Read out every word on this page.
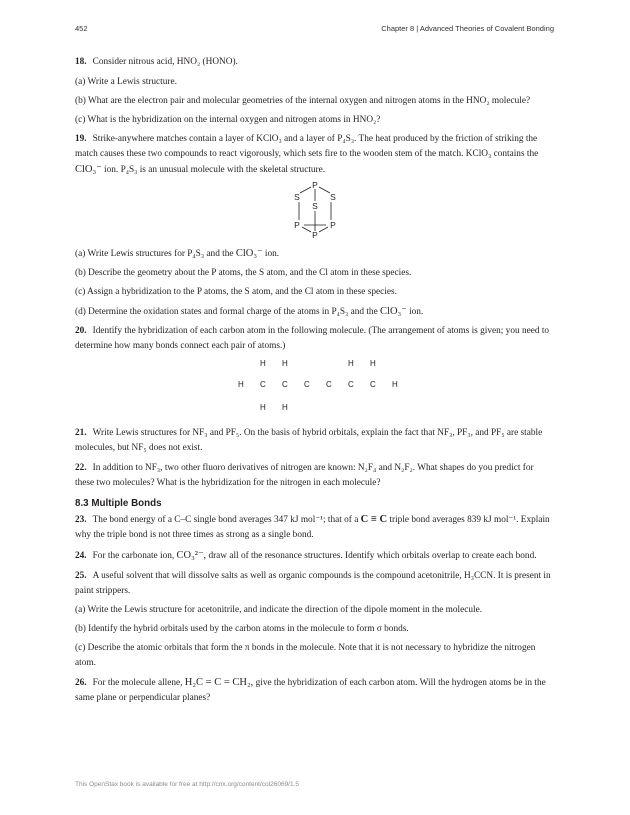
452	Chapter 8 | Advanced Theories of Covalent Bonding

18. Consider nitrous acid, HNO₂ (HONO).

(a) Write a Lewis structure.

(b) What are the electron pair and molecular geometries of the internal oxygen and nitrogen atoms in the HNO₂ molecule?

(c) What is the hybridization on the internal oxygen and nitrogen atoms in HNO₂?

19. Strike-anywhere matches contain a layer of KClO₃ and a layer of P₄S₃. The heat produced by the friction of striking the match causes these two compounds to react vigorously, which sets fire to the wooden stem of the match. KClO₃ contains the ClO₃⁻ ion. P₄S₃ is an unusual molecule with the skeletal structure.

P
S	S
S
P	P
P

(a) Write Lewis structures for P₄S₃ and the ClO₃⁻ ion.

(b) Describe the geometry about the P atoms, the S atom, and the Cl atom in these species.

(c) Assign a hybridization to the P atoms, the S atom, and the Cl atom in these species.

(d) Determine the oxidation states and formal charge of the atoms in P₄S₃ and the ClO₃⁻ ion.

20. Identify the hybridization of each carbon atom in the following molecule. (The arrangement of atoms is given; you need to determine how many bonds connect each pair of atoms.)

H H	H H
H C C C C C C H
H H

21. Write Lewis structures for NF₃ and PF₅. On the basis of hybrid orbitals, explain the fact that NF₃, PF₃, and PF₅ are stable molecules, but NF₅ does not exist.

22. In addition to NF₃, two other fluoro derivatives of nitrogen are known: N₂F₄ and N₂F₂. What shapes do you predict for these two molecules? What is the hybridization for the nitrogen in each molecule?

8.3 Multiple Bonds

23. The bond energy of a C–C single bond averages 347 kJ mol⁻¹; that of a C ≡ C triple bond averages 839 kJ mol⁻¹. Explain why the triple bond is not three times as strong as a single bond.

24. For the carbonate ion, CO₃²⁻, draw all of the resonance structures. Identify which orbitals overlap to create each bond.

25. A useful solvent that will dissolve salts as well as organic compounds is the compound acetonitrile, H₃CCN. It is present in paint strippers.

(a) Write the Lewis structure for acetonitrile, and indicate the direction of the dipole moment in the molecule.

(b) Identify the hybrid orbitals used by the carbon atoms in the molecule to form σ bonds.

(c) Describe the atomic orbitals that form the π bonds in the molecule. Note that it is not necessary to hybridize the nitrogen atom.

26. For the molecule allene, H₂C = C = CH₂, give the hybridization of each carbon atom. Will the hydrogen atoms be in the same plane or perpendicular planes?

This OpenStax book is available for free at http://cnx.org/content/col26069/1.5
